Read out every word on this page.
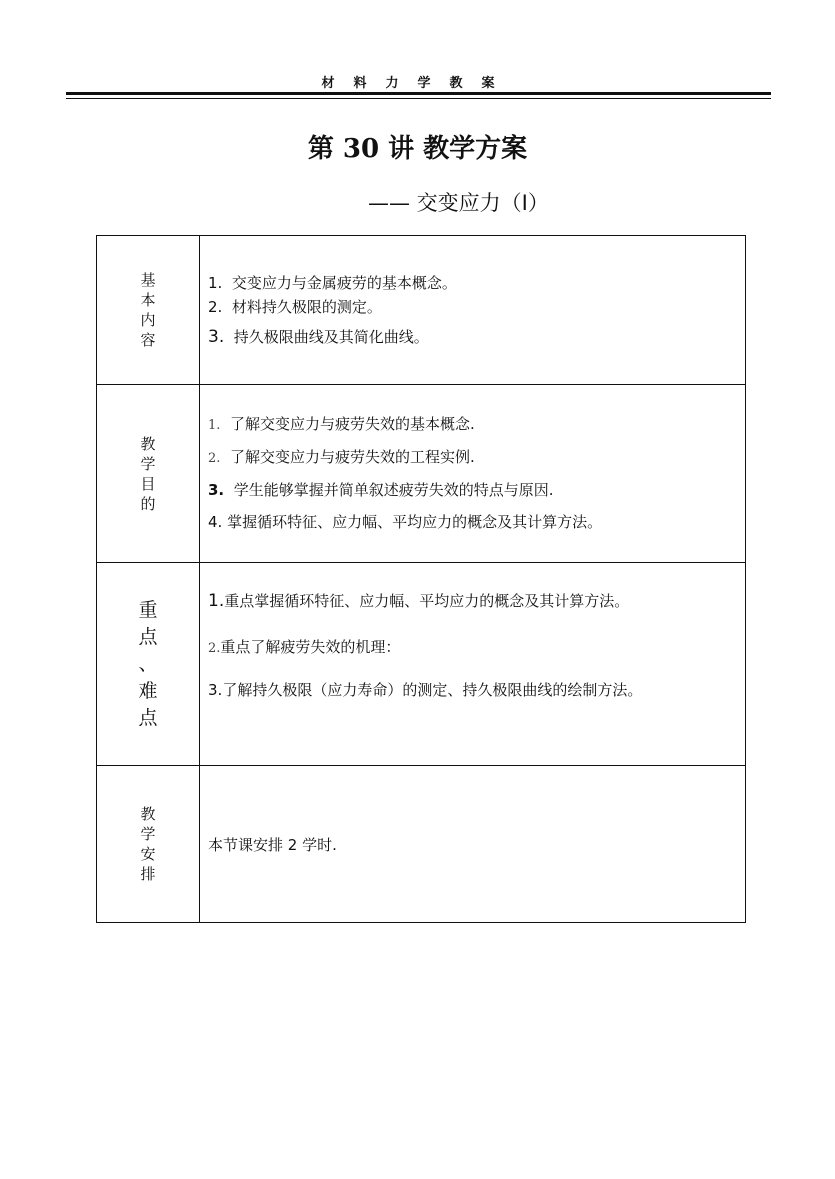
材料力学教案
第 30 讲 教学方案
—— 交变应力（Ⅰ）
基本内容	1. 交变应力与金属疲劳的基本概念。
2. 材料持久极限的测定。
3. 持久极限曲线及其简化曲线。

教学目的	1. 了解交变应力与疲劳失效的基本概念.
2. 了解交变应力与疲劳失效的工程实例.
3. 学生能够掌握并简单叙述疲劳失效的特点与原因.
4. 掌握循环特征、应力幅、平均应力的概念及其计算方法。

重点、难点	1.重点掌握循环特征、应力幅、平均应力的概念及其计算方法。
2.重点了解疲劳失效的机理：
3.了解持久极限（应力寿命）的测定、持久极限曲线的绘制方法。

教学安排	本节课安排 2 学时.
